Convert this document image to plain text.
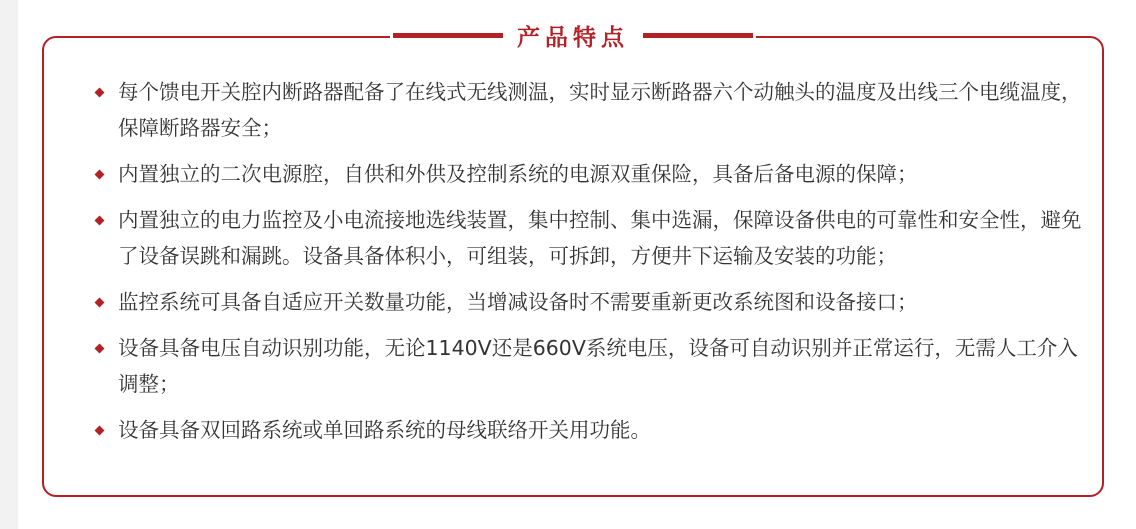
产品特点
每个馈电开关腔内断路器配备了在线式无线测温，实时显示断路器六个动触头的温度及出线三个电缆温度，保障断路器安全；
内置独立的二次电源腔，自供和外供及控制系统的电源双重保险，具备后备电源的保障；
内置独立的电力监控及小电流接地选线装置，集中控制、集中选漏，保障设备供电的可靠性和安全性，避免了设备误跳和漏跳。设备具备体积小，可组装，可拆卸，方便井下运输及安装的功能；
监控系统可具备自适应开关数量功能，当增减设备时不需要重新更改系统图和设备接口；
设备具备电压自动识别功能，无论1140V还是660V系统电压，设备可自动识别并正常运行，无需人工介入调整；
设备具备双回路系统或单回路系统的母线联络开关用功能。
